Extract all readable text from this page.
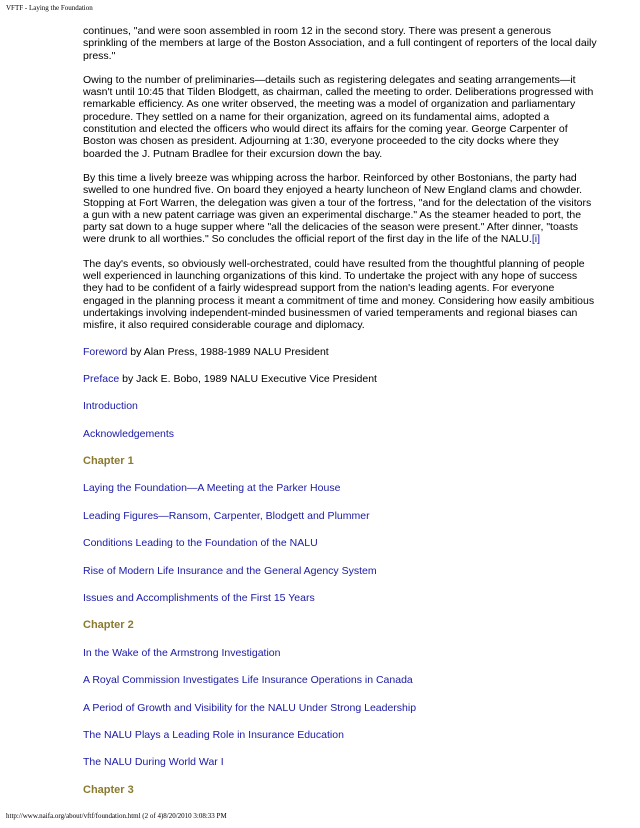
VFTF - Laying the Foundation

continues, "and were soon assembled in room 12 in the second story. There was present a generous sprinkling of the members at large of the Boston Association, and a full contingent of reporters of the local daily press."

Owing to the number of preliminaries—details such as registering delegates and seating arrangements—it wasn't until 10:45 that Tilden Blodgett, as chairman, called the meeting to order. Deliberations progressed with remarkable efficiency. As one writer observed, the meeting was a model of organization and parliamentary procedure. They settled on a name for their organization, agreed on its fundamental aims, adopted a constitution and elected the officers who would direct its affairs for the coming year. George Carpenter of Boston was chosen as president. Adjourning at 1:30, everyone proceeded to the city docks where they boarded the J. Putnam Bradlee for their excursion down the bay.

By this time a lively breeze was whipping across the harbor. Reinforced by other Bostonians, the party had swelled to one hundred five. On board they enjoyed a hearty luncheon of New England clams and chowder. Stopping at Fort Warren, the delegation was given a tour of the fortress, "and for the delectation of the visitors a gun with a new patent carriage was given an experimental discharge." As the steamer headed to port, the party sat down to a huge supper where "all the delicacies of the season were present." After dinner, "toasts were drunk to all worthies." So concludes the official report of the first day in the life of the NALU.[i]

The day's events, so obviously well-orchestrated, could have resulted from the thoughtful planning of people well experienced in launching organizations of this kind. To undertake the project with any hope of success they had to be confident of a fairly widespread support from the nation's leading agents. For everyone engaged in the planning process it meant a commitment of time and money. Considering how easily ambitious undertakings involving independent-minded businessmen of varied temperaments and regional biases can misfire, it also required considerable courage and diplomacy.

Foreword by Alan Press, 1988-1989 NALU President
Preface by Jack E. Bobo, 1989 NALU Executive Vice President
Introduction
Acknowledgements
Chapter 1
Laying the Foundation—A Meeting at the Parker House
Leading Figures—Ransom, Carpenter, Blodgett and Plummer
Conditions Leading to the Foundation of the NALU
Rise of Modern Life Insurance and the General Agency System
Issues and Accomplishments of the First 15 Years
Chapter 2
In the Wake of the Armstrong Investigation
A Royal Commission Investigates Life Insurance Operations in Canada
A Period of Growth and Visibility for the NALU Under Strong Leadership
The NALU Plays a Leading Role in Insurance Education
The NALU During World War I
Chapter 3
http://www.naifa.org/about/vftf/foundation.html (2 of 4)8/20/2010 3:08:33 PM
